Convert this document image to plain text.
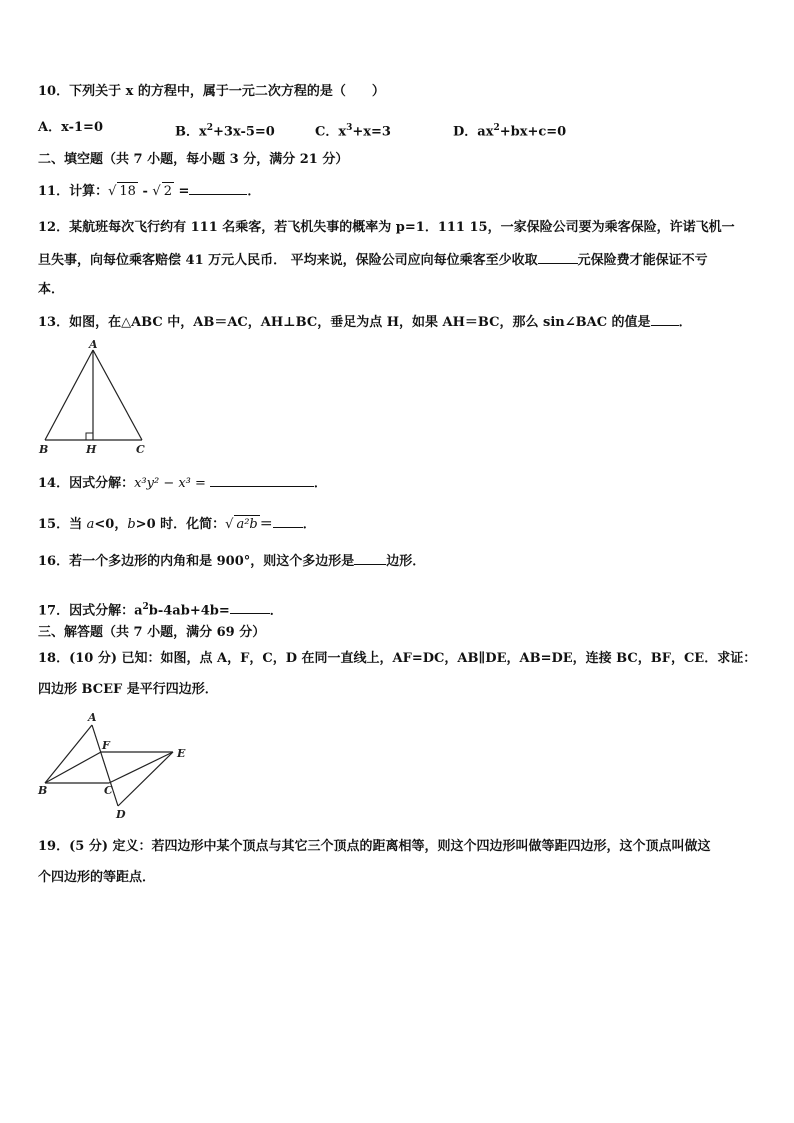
10．下列关于 x 的方程中，属于一元二次方程的是（　　）
A．x-1=0	B．$x^2+3x-5=0$	C．$x^3+x=3$	D．$ax^2+bx+c=0$
二、填空题（共 7 小题，每小题 3 分，满分 21 分）
11．计算：√ 18 - √ 2 =	．
12．某航班每次飞行约有 111 名乘客，若飞机失事的概率为 p=1．111 15，一家保险公司要为乘客保险，许诺飞机一
旦失事，向每位乘客赔偿 41 万元人民币． 平均来说，保险公司应向每位乘客至少收取	元保险费才能保证不亏
本．
13．如图，在△ABC 中，AB＝AC，AH⊥BC，垂足为点 H，如果 AH＝BC，那么 sin∠BAC 的值是 ．
A
B	H	C
14．因式分解：x³y² − x³ =	．
15．当 a<0，b>0 时．化简：√ a²b ＝ ．
16．若一个多边形的内角和是 900°，则这个多边形是 边形．
17．因式分解：$a^2b-4ab+4b=$	．
三、解答题（共 7 小题，满分 69 分）
18．(10 分) 已知：如图，点 A，F，C，D 在同一直线上，AF=DC，AB∥DE，AB=DE，连接 BC，BF，CE．求证：
四边形 BCEF 是平行四边形．
A
F
E
B	C
D
19．(5 分) 定义：若四边形中某个顶点与其它三个顶点的距离相等，则这个四边形叫做等距四边形，这个顶点叫做这
个四边形的等距点．
